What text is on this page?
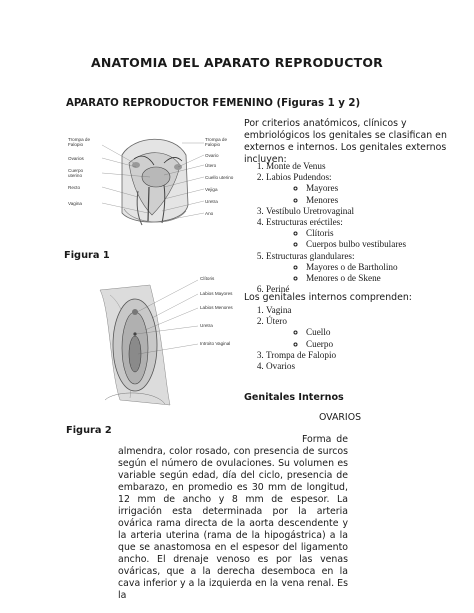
ANATOMIA DEL APARATO REPRODUCTOR
APARATO REPRODUCTOR FEMENINO (Figuras 1 y 2)
Trompa de Falopio
Ovarios
Cuerpo uterino
Recto
Vagina
Trompa de Falopio
Ovario
Útero
Cuello uterino
Vejiga
Uretra
Ano
Figura 1
Clítoris
Labios Mayores
Labios Menores
Uretra
Introito Vaginal
Figura 2
Por criterios anatómicos, clínicos y embriológicos los genitales se clasifican en externos e internos. Los genitales externos incluyen:
1. Monte de Venus
2. Labios Pudendos:
◦ Mayores
◦ Menores
3. Vestíbulo Uretrovaginal
4. Estructuras eréctiles:
◦ Clítoris
◦ Cuerpos bulbo vestibulares
5. Estructuras glandulares:
◦ Mayores o de Bartholino
◦ Menores o de Skene
6. Periné
Los genitales internos comprenden:
1. Vagina
2. Útero
◦ Cuello
◦ Cuerpo
3. Trompa de Falopio
4. Ovarios
Genitales Internos
OVARIOS
Forma de almendra, color rosado, con presencia de surcos según el número de ovulaciones. Su volumen es variable según edad, día del ciclo, presencia de embarazo, en promedio es 30 mm de longitud, 12 mm de ancho y 8 mm de espesor. La irrigación esta determinada por la arteria ovárica rama directa de la aorta descendente y la arteria uterina (rama de la hipogástrica) a la que se anastomosa en el espesor del ligamento ancho. El drenaje venoso es por las venas ováricas, que a la derecha desemboca en la cava inferior y a la izquierda en la vena renal. Es la
